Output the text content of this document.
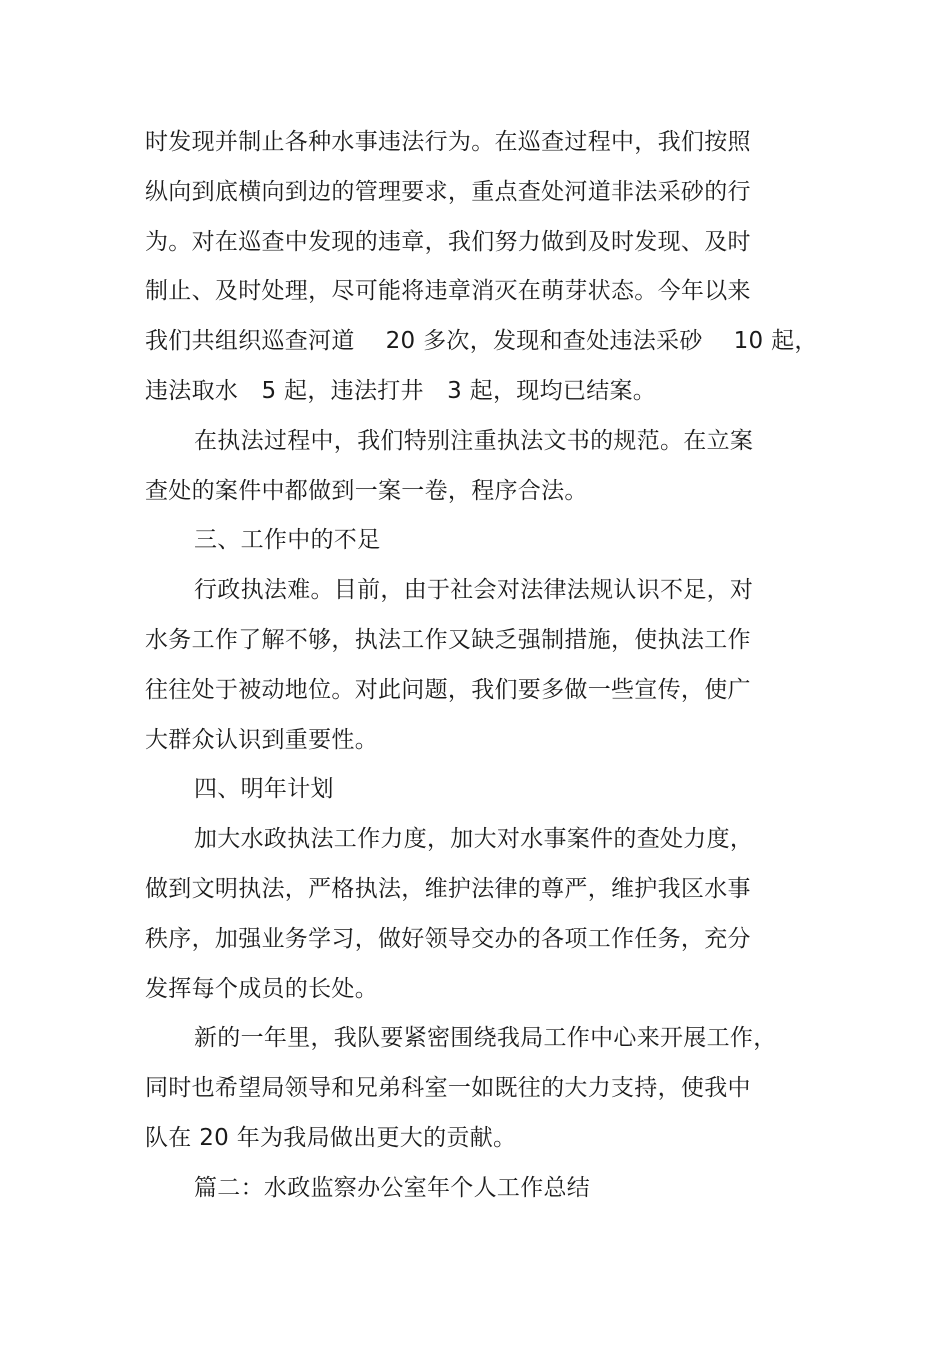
时发现并制止各种水事违法行为。在巡查过程中，我们按照
纵向到底横向到边的管理要求，重点查处河道非法采砂的行
为。对在巡查中发现的违章，我们努力做到及时发现、及时
制止、及时处理，尽可能将违章消灭在萌芽状态。今年以来
我们共组织巡查河道　 20 多次，发现和查处违法采砂　 10 起，
违法取水　5 起，违法打井　3 起，现均已结案。
在执法过程中，我们特别注重执法文书的规范。在立案
查处的案件中都做到一案一卷，程序合法。
三、工作中的不足
行政执法难。目前，由于社会对法律法规认识不足，对
水务工作了解不够，执法工作又缺乏强制措施，使执法工作
往往处于被动地位。对此问题，我们要多做一些宣传，使广
大群众认识到重要性。
四、明年计划
加大水政执法工作力度，加大对水事案件的查处力度，
做到文明执法，严格执法，维护法律的尊严，维护我区水事
秩序，加强业务学习，做好领导交办的各项工作任务，充分
发挥每个成员的长处。
新的一年里，我队要紧密围绕我局工作中心来开展工作，
同时也希望局领导和兄弟科室一如既往的大力支持，使我中
队在 20 年为我局做出更大的贡献。
篇二：水政监察办公室年个人工作总结
